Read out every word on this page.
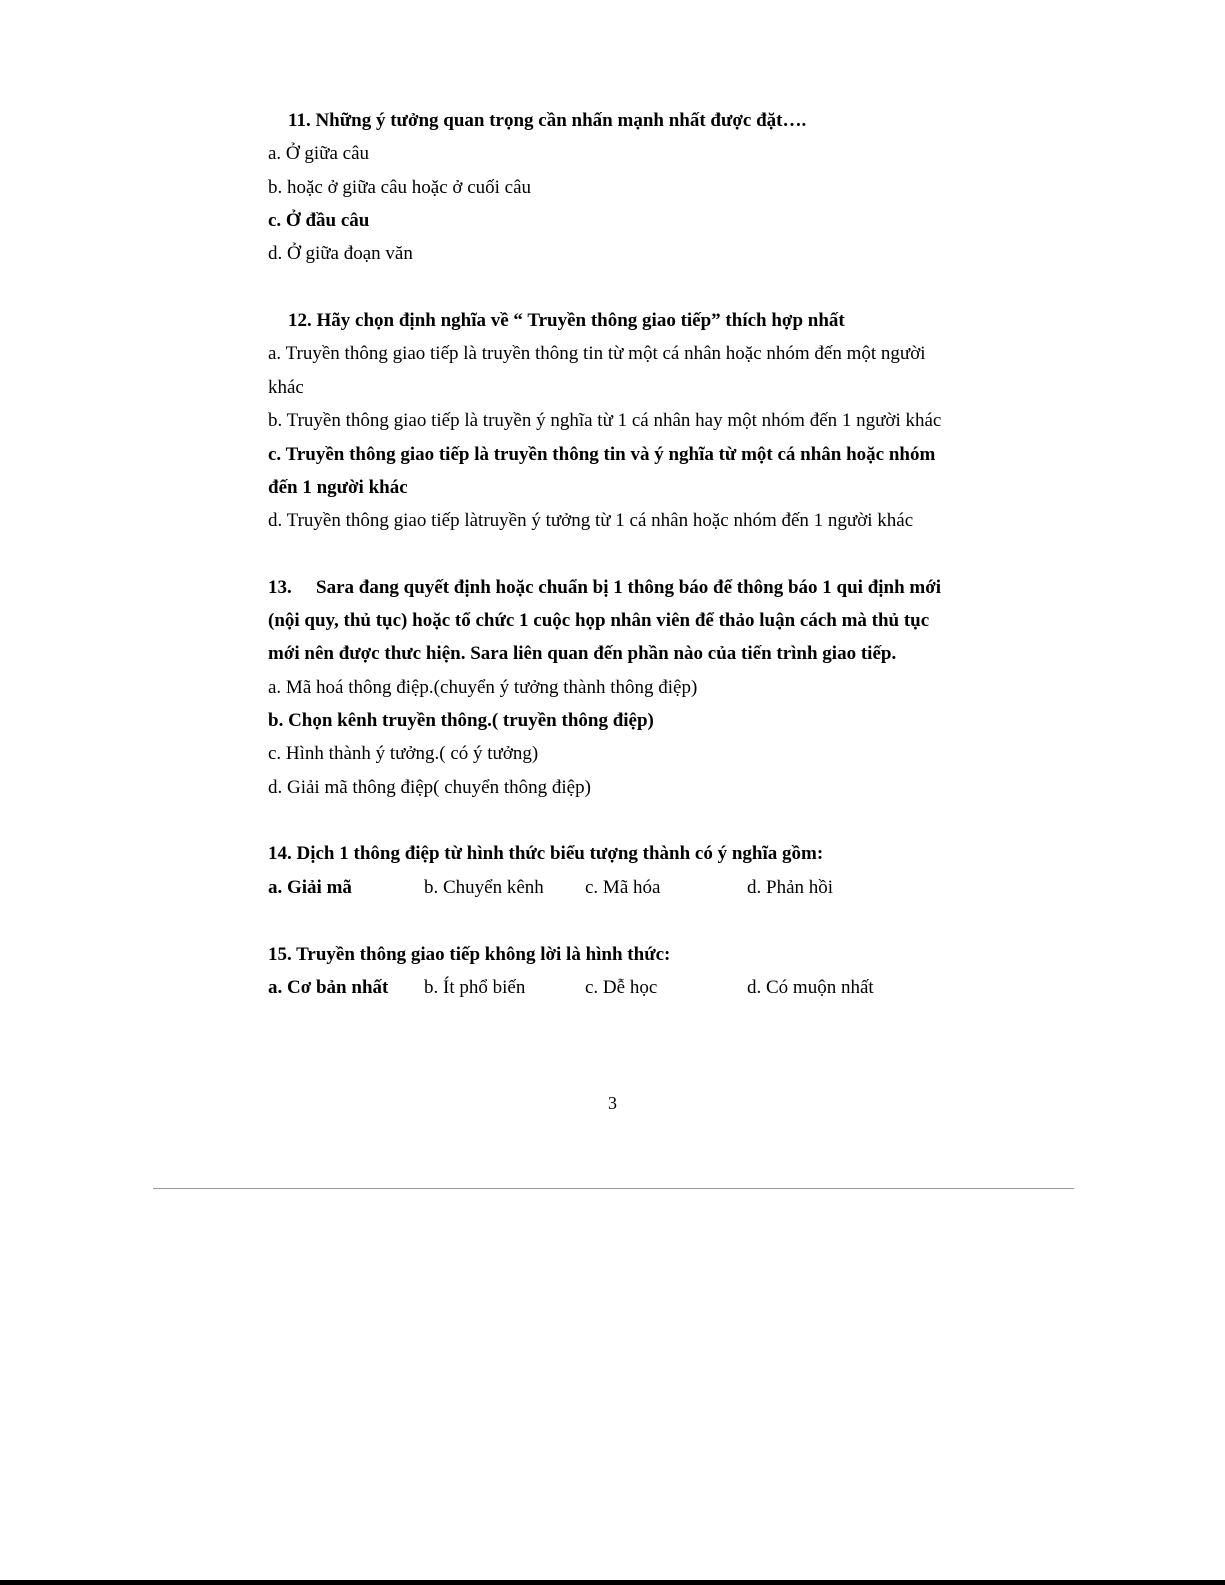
11. Những ý tưởng quan trọng cần nhấn mạnh nhất được đặt….
a. Ở giữa câu
b. hoặc ở giữa câu hoặc ở cuối câu
c. Ở đầu câu
d. Ở giữa đoạn văn
12. Hãy chọn định nghĩa về “ Truyền thông giao tiếp” thích hợp nhất
a. Truyền thông giao tiếp là truyền thông tin từ một cá nhân hoặc nhóm đến một người
khác
b. Truyền thông giao tiếp là truyền ý nghĩa từ 1 cá nhân hay một nhóm đến 1 người khác
c. Truyền thông giao tiếp là truyền thông tin và ý nghĩa từ một cá nhân hoặc nhóm
đến 1 người khác
d. Truyền thông giao tiếp làtruyền ý tưởng từ 1 cá nhân hoặc nhóm đến 1 người khác
13. Sara đang quyết định hoặc chuẩn bị 1 thông báo để thông báo 1 qui định mới
(nội quy, thủ tục) hoặc tổ chức 1 cuộc họp nhân viên để thảo luận cách mà thủ tục
mới nên được thưc hiện. Sara liên quan đến phần nào của tiến trình giao tiếp.
a. Mã hoá thông điệp.(chuyển ý tưởng thành thông điệp)
b. Chọn kênh truyền thông.( truyền thông điệp)
c. Hình thành ý tưởng.( có ý tưởng)
d. Giải mã thông điệp( chuyển thông điệp)
14. Dịch 1 thông điệp từ hình thức biểu tượng thành có ý nghĩa gồm:
a. Giải mã	b. Chuyển kênh c. Mã hóa	d. Phản hồi
15. Truyền thông giao tiếp không lời là hình thức:
a. Cơ bản nhất b. Ít phổ biến	c. Dễ học	d. Có muộn nhất
3
